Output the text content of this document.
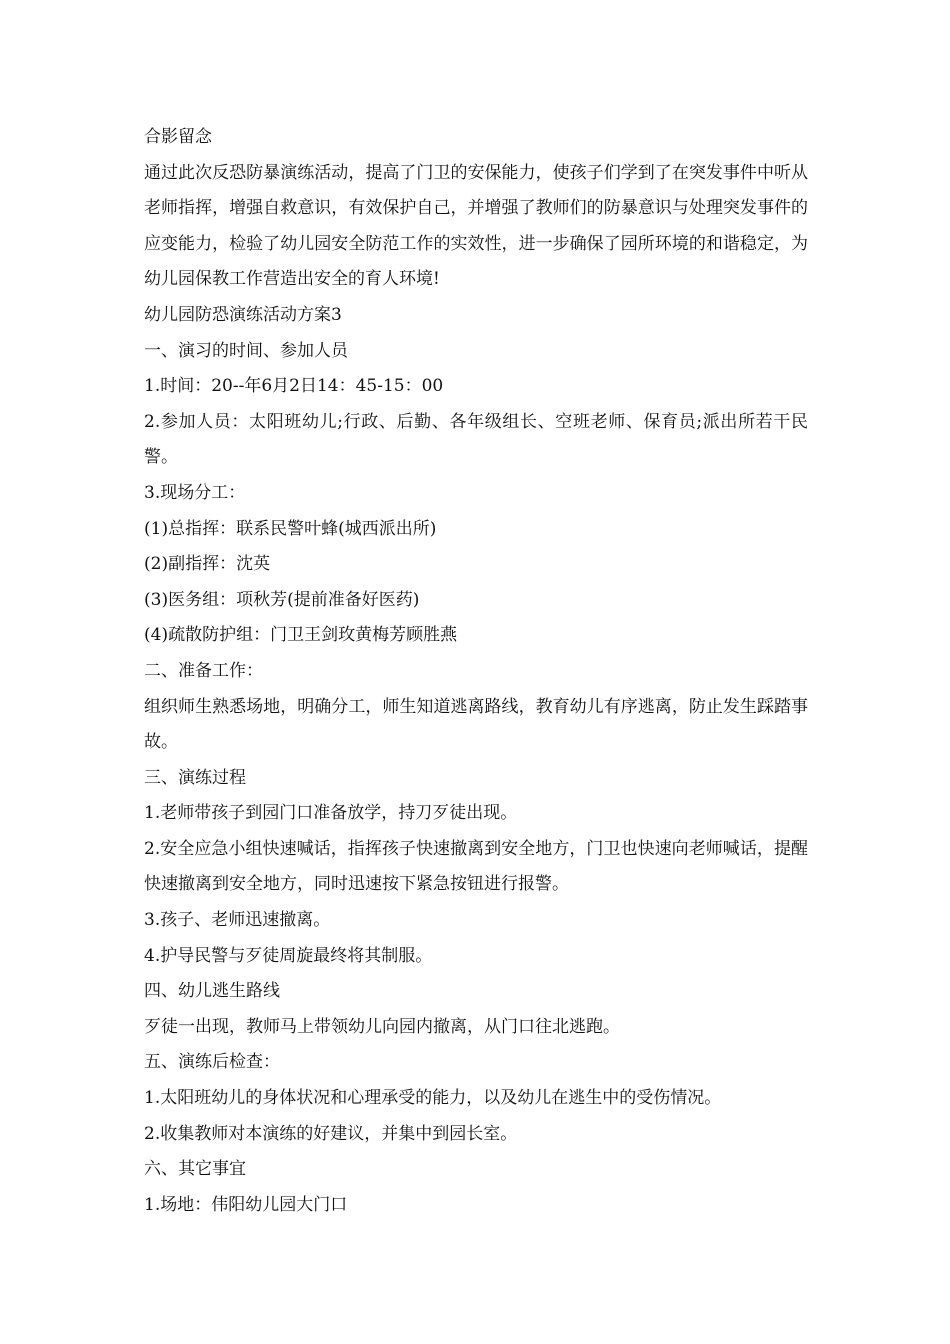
合影留念

通过此次反恐防暴演练活动，提高了门卫的安保能力，使孩子们学到了在突发事件中听从老师指挥，增强自救意识，有效保护自己，并增强了教师们的防暴意识与处理突发事件的应变能力，检验了幼儿园安全防范工作的实效性，进一步确保了园所环境的和谐稳定，为幼儿园保教工作营造出安全的育人环境!

幼儿园防恐演练活动方案3

一、演习的时间、参加人员

1.时间：20--年6月2日14：45-15：00

2.参加人员：太阳班幼儿;行政、后勤、各年级组长、空班老师、保育员;派出所若干民警。

3.现场分工：

(1)总指挥：联系民警叶蜂(城西派出所)

(2)副指挥：沈英

(3)医务组：项秋芳(提前准备好医药)

(4)疏散防护组：门卫王剑玫黄梅芳顾胜燕

二、准备工作：

组织师生熟悉场地，明确分工，师生知道逃离路线，教育幼儿有序逃离，防止发生踩踏事故。

三、演练过程

1.老师带孩子到园门口准备放学，持刀歹徒出现。

2.安全应急小组快速喊话，指挥孩子快速撤离到安全地方，门卫也快速向老师喊话，提醒快速撤离到安全地方，同时迅速按下紧急按钮进行报警。

3.孩子、老师迅速撤离。

4.护导民警与歹徒周旋最终将其制服。

四、幼儿逃生路线

歹徒一出现，教师马上带领幼儿向园内撤离，从门口往北逃跑。

五、演练后检查：

1.太阳班幼儿的身体状况和心理承受的能力，以及幼儿在逃生中的受伤情况。

2.收集教师对本演练的好建议，并集中到园长室。

六、其它事宜

1.场地：伟阳幼儿园大门口
